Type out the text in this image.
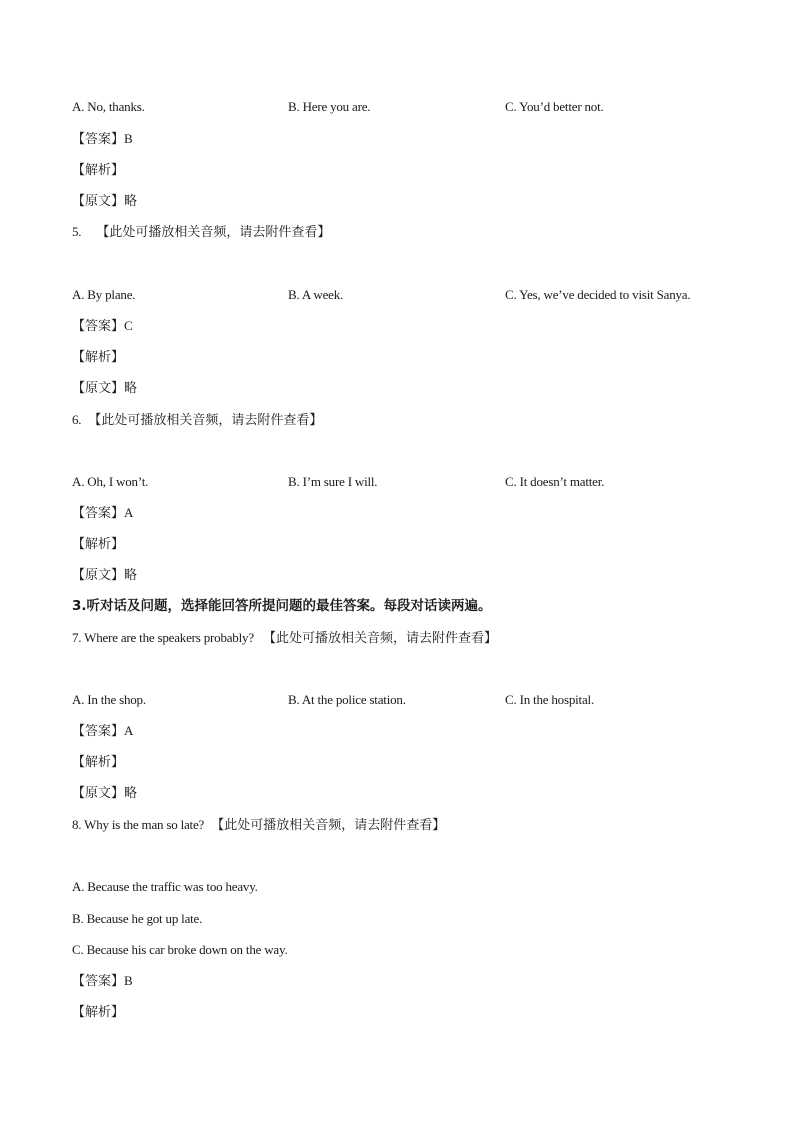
A. No, thanks.	B. Here you are.	C. You’d better not.
【答案】B
【解析】
【原文】略
5. 【此处可播放相关音频，请去附件查看】
A. By plane.	B. A week.	C. Yes, we’ve decided to visit Sanya.
【答案】C
【解析】
【原文】略
6. 【此处可播放相关音频，请去附件查看】
A. Oh, I won’t.	B. I’m sure I will.	C. It doesn’t matter.
【答案】A
【解析】
【原文】略
3.听对话及问题，选择能回答所提问题的最佳答案。每段对话读两遍。
7. Where are the speakers probably? 【此处可播放相关音频，请去附件查看】
A. In the shop.	B. At the police station.	C. In the hospital.
【答案】A
【解析】
【原文】略
8. Why is the man so late? 【此处可播放相关音频，请去附件查看】
A. Because the traffic was too heavy.
B. Because he got up late.
C. Because his car broke down on the way.
【答案】B
【解析】
